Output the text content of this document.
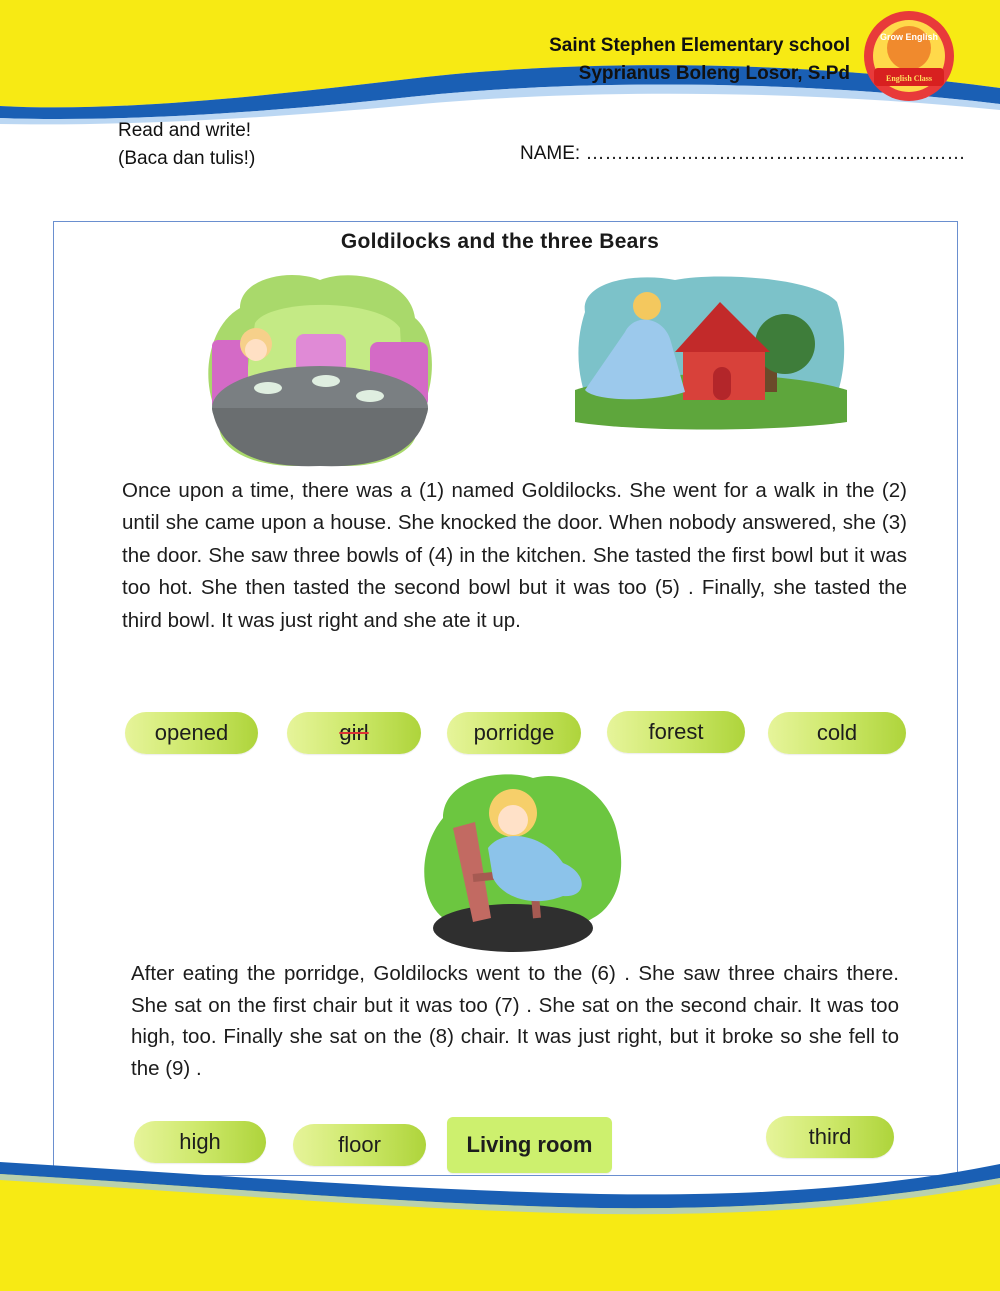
Saint Stephen Elementary school
Syprianus Boleng Losor, S.Pd
Grow English
English Class
Read and write!
(Baca dan tulis!)	NAME: ……………………………………………………
Goldilocks and the three Bears
Once upon a time, there was a (1) named Goldilocks. She went for a walk in the (2) until she came upon a house. She knocked the door. When nobody answered, she (3) the door. She saw three bowls of (4) in the kitchen. She tasted the first bowl but it was too hot. She then tasted the second bowl but it was too (5) . Finally, she tasted the third bowl. It was just right and she ate it up.
opened	girl	porridge	forest	cold
After eating the porridge, Goldilocks went to the (6) . She saw three chairs there. She sat on the first chair but it was too (7) . She sat on the second chair. It was too high, too. Finally she sat on the (8) chair. It was just right, but it broke so she fell to the (9) .
high	floor	Living room	third
